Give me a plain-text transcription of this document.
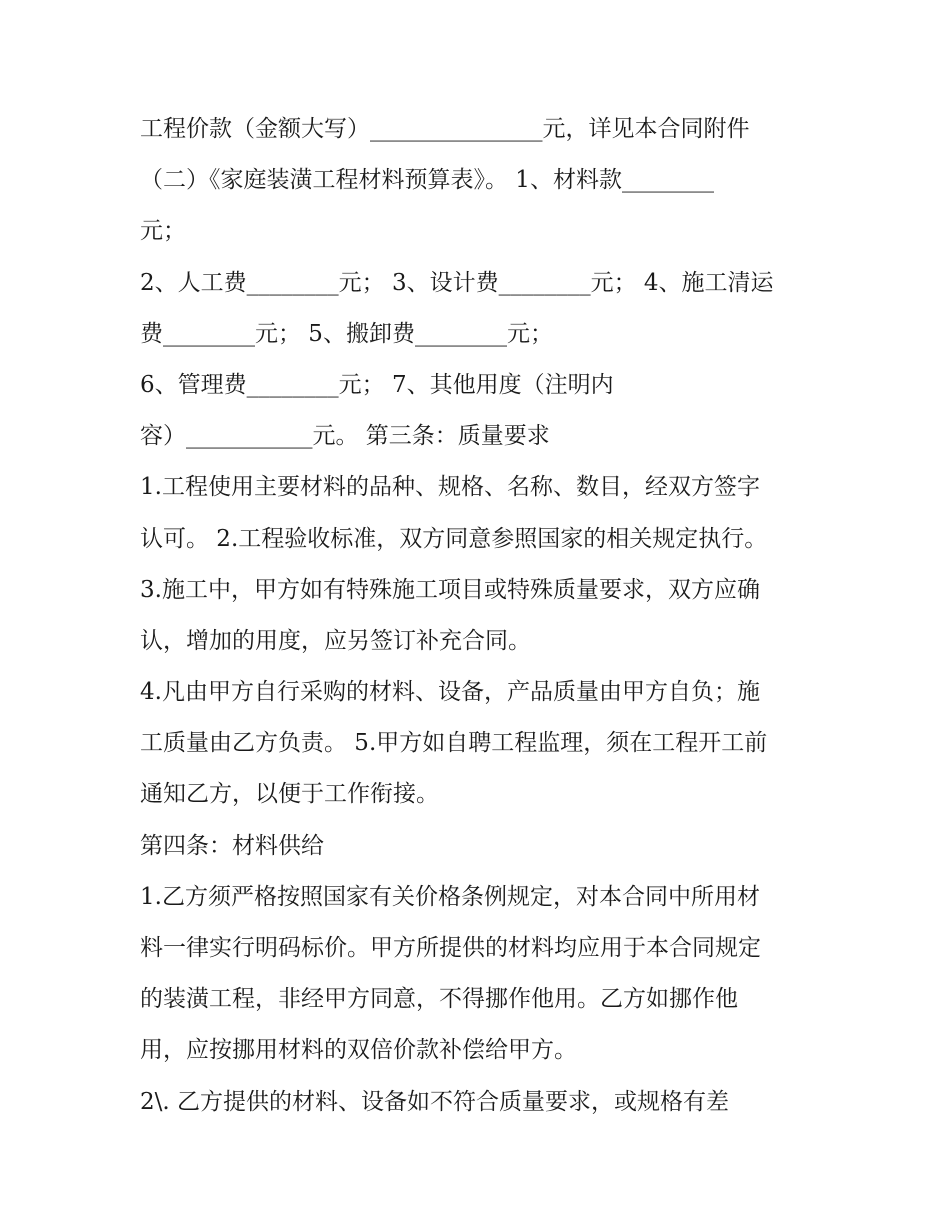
工程价款（金额大写）_______________元，详见本合同附件
（二）《家庭装潢工程材料预算表》。 1、材料款________
元；
2、人工费________元； 3、设计费________元； 4、施工清运
费________元； 5、搬卸费________元；
6、管理费________元； 7、其他用度（注明内
容）___________元。 第三条：质量要求
1.工程使用主要材料的品种、规格、名称、数目，经双方签字
认可。 2.工程验收标准，双方同意参照国家的相关规定执行。
3.施工中，甲方如有特殊施工项目或特殊质量要求，双方应确
认，增加的用度，应另签订补充合同。
4.凡由甲方自行采购的材料、设备，产品质量由甲方自负；施
工质量由乙方负责。 5.甲方如自聘工程监理，须在工程开工前
通知乙方，以便于工作衔接。
第四条：材料供给
1.乙方须严格按照国家有关价格条例规定，对本合同中所用材
料一律实行明码标价。甲方所提供的材料均应用于本合同规定
的装潢工程，非经甲方同意，不得挪作他用。乙方如挪作他
用，应按挪用材料的双倍价款补偿给甲方。
2\. 乙方提供的材料、设备如不符合质量要求，或规格有差
